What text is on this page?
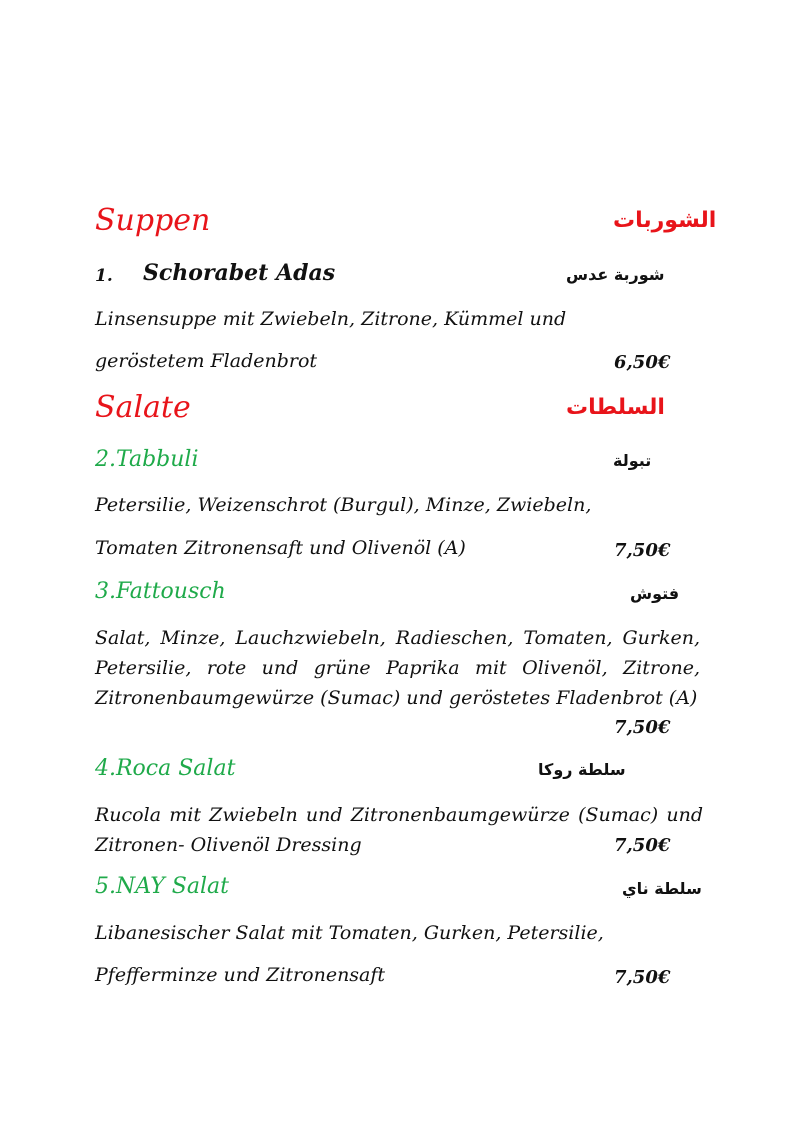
Suppen	الشوربات
1. Schorabet Adas	شوربة عدس
Linsensuppe mit Zwiebeln, Zitrone, Kümmel und
geröstetem Fladenbrot	6,50€
Salate	السلطات
2.Tabbuli	تبولة
Petersilie, Weizenschrot (Burgul), Minze, Zwiebeln,
Tomaten Zitronensaft und Olivenöl (A)	7,50€
3.Fattousch	فتوش
Salat, Minze, Lauchzwiebeln, Radieschen, Tomaten, Gurken, Petersilie, rote und grüne Paprika mit Olivenöl, Zitrone, Zitronenbaumgewürze (Sumac) und geröstetes Fladenbrot (A)
7,50€
4.Roca Salat	سلطة روكا
Rucola mit Zwiebeln und Zitronenbaumgewürze (Sumac) und Zitronen- Olivenöl Dressing	7,50€
5.NAY Salat	سلطة ناي
Libanesischer Salat mit Tomaten, Gurken, Petersilie,
Pfefferminze und Zitronensaft	7,50€
